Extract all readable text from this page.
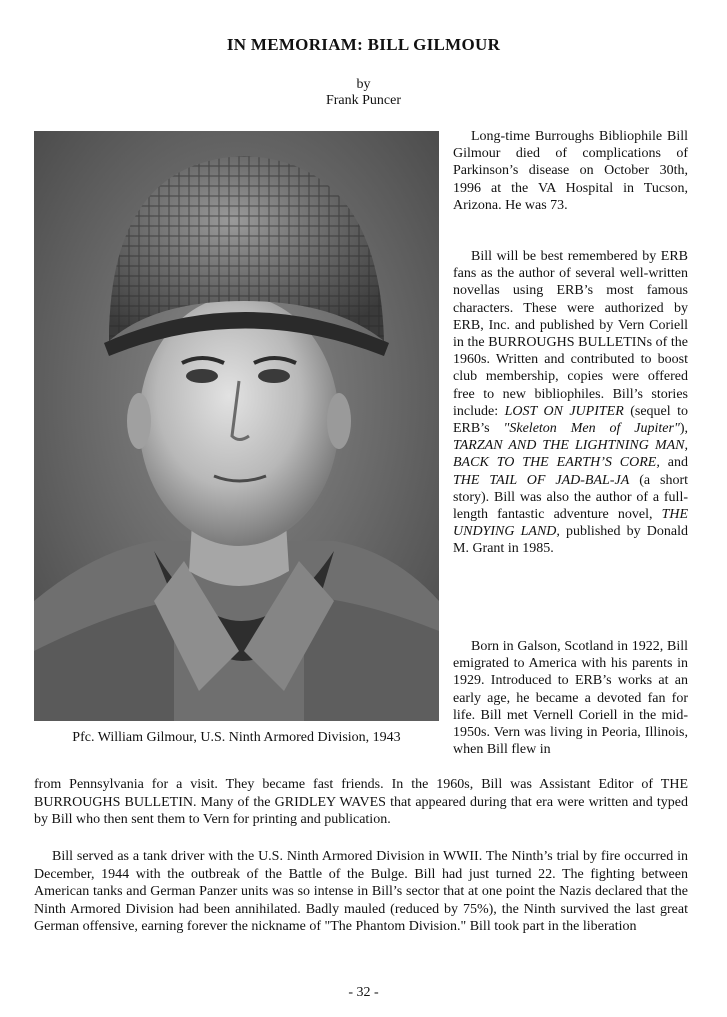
IN MEMORIAM: BILL GILMOUR
by
Frank Puncer
Pfc. William Gilmour, U.S. Ninth Armored Division, 1943

Long-time Burroughs Bibliophile Bill Gilmour died of complications of Parkinson’s disease on October 30th, 1996 at the VA Hospital in Tucson, Arizona. He was 73.

Bill will be best remembered by ERB fans as the author of several well-written novellas using ERB’s most famous characters. These were authorized by ERB, Inc. and published by Vern Coriell in the BURROUGHS BULLETINs of the 1960s. Written and contributed to boost club membership, copies were offered free to new bibliophiles. Bill’s stories include: LOST ON JUPITER (sequel to ERB’s "Skeleton Men of Jupiter"), TARZAN AND THE LIGHTNING MAN, BACK TO THE EARTH’S CORE, and THE TAIL OF JAD-BAL-JA (a short story). Bill was also the author of a full-length fantastic adventure novel, THE UNDYING LAND, published by Donald M. Grant in 1985.

Born in Galson, Scotland in 1922, Bill emigrated to America with his parents in 1929. Introduced to ERB’s works at an early age, he became a devoted fan for life. Bill met Vernell Coriell in the mid-1950s. Vern was living in Peoria, Illinois, when Bill flew in

from Pennsylvania for a visit. They became fast friends. In the 1960s, Bill was Assistant Editor of THE BURROUGHS BULLETIN. Many of the GRIDLEY WAVES that appeared during that era were written and typed by Bill who then sent them to Vern for printing and publication.

Bill served as a tank driver with the U.S. Ninth Armored Division in WWII. The Ninth’s trial by fire occurred in December, 1944 with the outbreak of the Battle of the Bulge. Bill had just turned 22. The fighting between American tanks and German Panzer units was so intense in Bill’s sector that at one point the Nazis declared that the Ninth Armored Division had been annihilated. Badly mauled (reduced by 75%), the Ninth survived the last great German offensive, earning forever the nickname of "The Phantom Division." Bill took part in the liberation

- 32 -
